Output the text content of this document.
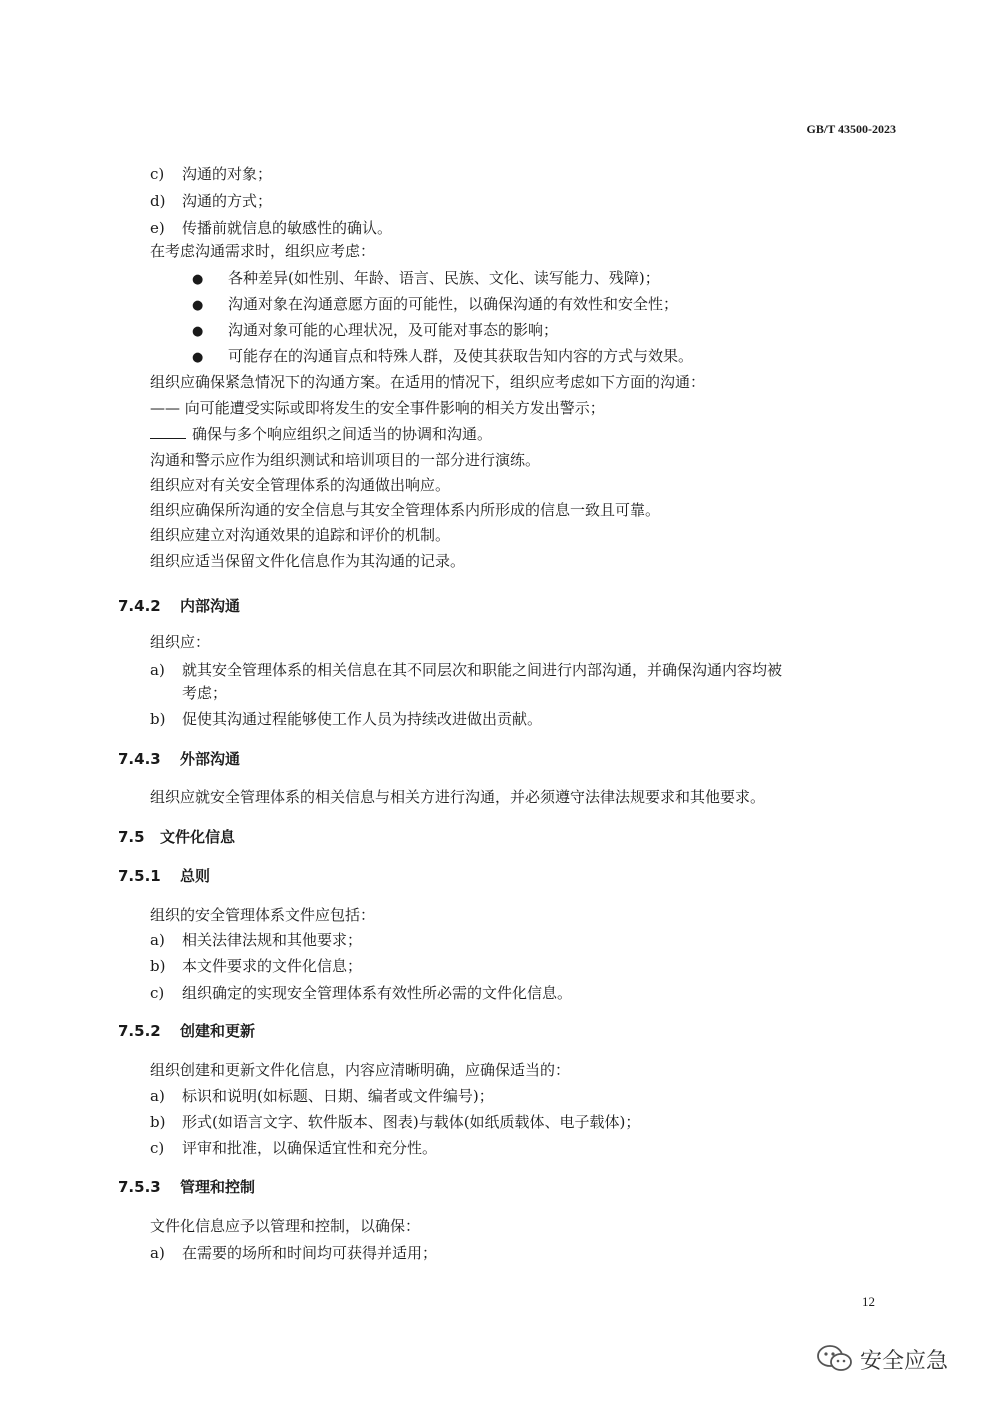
GB/T 43500-2023
c) 沟通的对象；
d) 沟通的方式；
e) 传播前就信息的敏感性的确认。
在考虑沟通需求时，组织应考虑：
● 各种差异(如性别、年龄、语言、民族、文化、读写能力、残障)；
● 沟通对象在沟通意愿方面的可能性，以确保沟通的有效性和安全性；
● 沟通对象可能的心理状况，及可能对事态的影响；
● 可能存在的沟通盲点和特殊人群，及使其获取告知内容的方式与效果。
组织应确保紧急情况下的沟通方案。在适用的情况下，组织应考虑如下方面的沟通：
—— 向可能遭受实际或即将发生的安全事件影响的相关方发出警示；
确保与多个响应组织之间适当的协调和沟通。
沟通和警示应作为组织测试和培训项目的一部分进行演练。
组织应对有关安全管理体系的沟通做出响应。
组织应确保所沟通的安全信息与其安全管理体系内所形成的信息一致且可靠。
组织应建立对沟通效果的追踪和评价的机制。
组织应适当保留文件化信息作为其沟通的记录。
7.4.2 内部沟通
组织应：
a) 就其安全管理体系的相关信息在其不同层次和职能之间进行内部沟通，并确保沟通内容均被
考虑；
b) 促使其沟通过程能够使工作人员为持续改进做出贡献。
7.4.3 外部沟通
组织应就安全管理体系的相关信息与相关方进行沟通，并必须遵守法律法规要求和其他要求。
7.5 文件化信息
7.5.1 总则
组织的安全管理体系文件应包括：
a) 相关法律法规和其他要求；
b) 本文件要求的文件化信息；
c) 组织确定的实现安全管理体系有效性所必需的文件化信息。
7.5.2 创建和更新
组织创建和更新文件化信息，内容应清晰明确，应确保适当的：
a) 标识和说明(如标题、日期、编者或文件编号)；
b) 形式(如语言文字、软件版本、图表)与载体(如纸质载体、电子载体)；
c) 评审和批准，以确保适宜性和充分性。
7.5.3 管理和控制
文件化信息应予以管理和控制，以确保：
a) 在需要的场所和时间均可获得并适用；
12
安全应急
